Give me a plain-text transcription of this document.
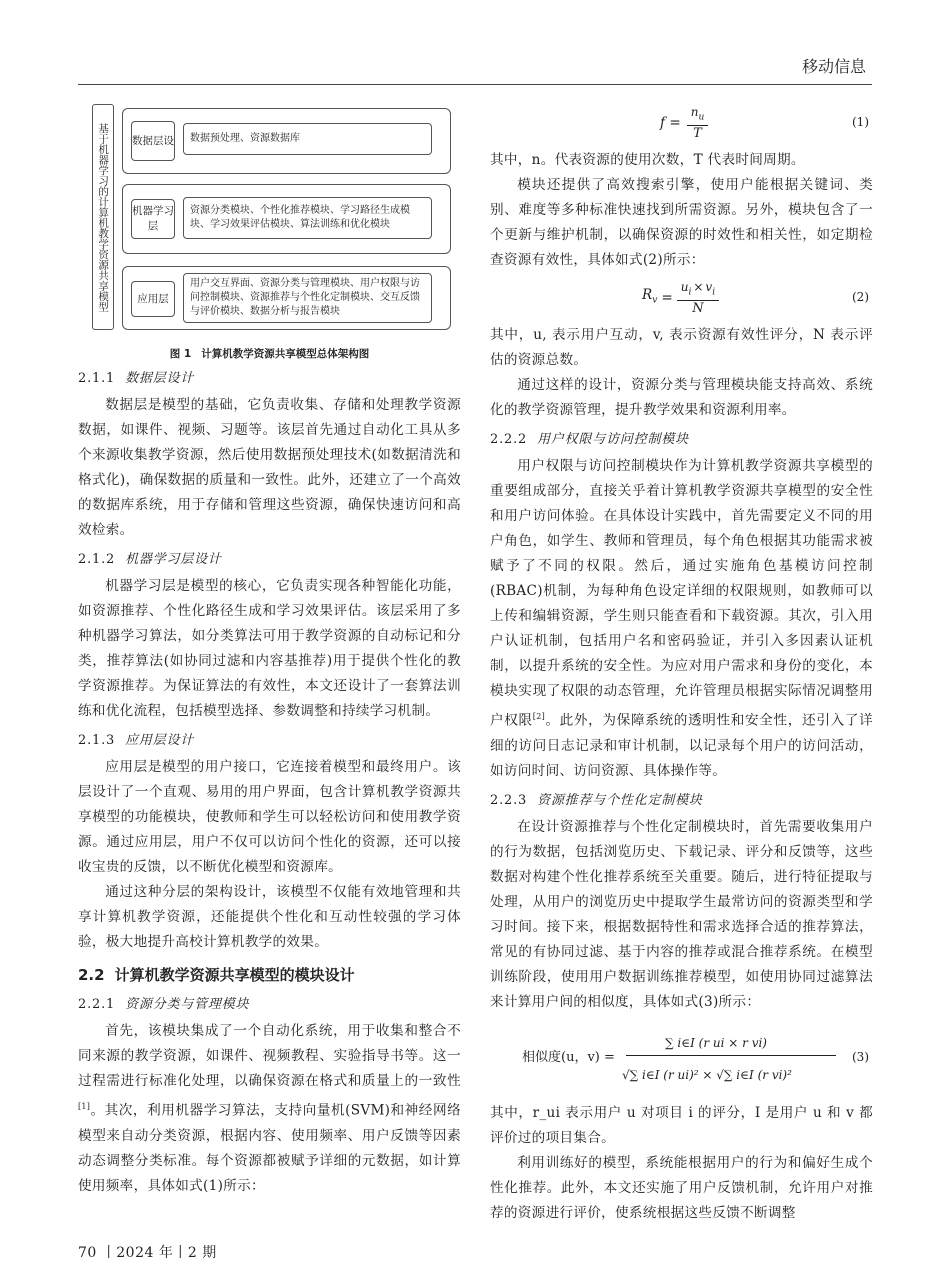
移动信息
基于机器学习的计算机教学资源共享模型	数据层设	数据预处理、资源数据库
机器学习层
资源分类模块、个性化推荐模块、学习路径生成模块、学习效果评估模块、算法训练和优化模块
应用层
用户交互界面、资源分类与管理模块、用户权限与访问控制模块、资源推荐与个性化定制模块、交互反馈与评价模块、数据分析与报告模块
图 1 计算机教学资源共享模型总体架构图
2.1.1 数据层设计

数据层是模型的基础，它负责收集、存储和处理教学资源数据，如课件、视频、习题等。该层首先通过自动化工具从多个来源收集教学资源，然后使用数据预处理技术(如数据清洗和格式化)，确保数据的质量和一致性。此外，还建立了一个高效的数据库系统，用于存储和管理这些资源，确保快速访问和高效检索。

2.1.2 机器学习层设计

机器学习层是模型的核心，它负责实现各种智能化功能，如资源推荐、个性化路径生成和学习效果评估。该层采用了多种机器学习算法，如分类算法可用于教学资源的自动标记和分类，推荐算法(如协同过滤和内容基推荐)用于提供个性化的教学资源推荐。为保证算法的有效性，本文还设计了一套算法训练和优化流程，包括模型选择、参数调整和持续学习机制。

2.1.3 应用层设计

应用层是模型的用户接口，它连接着模型和最终用户。该层设计了一个直观、易用的用户界面，包含计算机教学资源共享模型的功能模块，使教师和学生可以轻松访问和使用教学资源。通过应用层，用户不仅可以访问个性化的资源，还可以接收宝贵的反馈，以不断优化模型和资源库。

通过这种分层的架构设计，该模型不仅能有效地管理和共享计算机教学资源，还能提供个性化和互动性较强的学习体验，极大地提升高校计算机教学的效果。

2.2 计算机教学资源共享模型的模块设计
2.2.1 资源分类与管理模块

首先，该模块集成了一个自动化系统，用于收集和整合不同来源的教学资源，如课件、视频教程、实验指导书等。这一过程需进行标准化处理，以确保资源在格式和质量上的一致性[1]。其次，利用机器学习算法，支持向量机(SVM)和神经网络模型来自动分类资源，根据内容、使用频率、用户反馈等因素动态调整分类标准。每个资源都被赋予详细的元数据，如计算使用频率，具体如式(1)所示：

$f = \frac{n_u}{T}$	(1)

其中，n。代表资源的使用次数，T 代表时间周期。

模块还提供了高效搜索引擎，使用户能根据关键词、类别、难度等多种标准快速找到所需资源。另外，模块包含了一个更新与维护机制，以确保资源的时效性和相关性，如定期检查资源有效性，具体如式(2)所示：

$R_v = \frac{u_i \times v_i}{N}$	(2)

其中，u, 表示用户互动，v, 表示资源有效性评分，N 表示评估的资源总数。

通过这样的设计，资源分类与管理模块能支持高效、系统化的教学资源管理，提升教学效果和资源利用率。

2.2.2 用户权限与访问控制模块

用户权限与访问控制模块作为计算机教学资源共享模型的重要组成部分，直接关乎着计算机教学资源共享模型的安全性和用户访问体验。在具体设计实践中，首先需要定义不同的用户角色，如学生、教师和管理员，每个角色根据其功能需求被赋予了不同的权限。然后，通过实施角色基模访问控制(RBAC)机制，为每种角色设定详细的权限规则，如教师可以上传和编辑资源，学生则只能查看和下载资源。其次，引入用户认证机制，包括用户名和密码验证，并引入多因素认证机制，以提升系统的安全性。为应对用户需求和身份的变化，本模块实现了权限的动态管理，允许管理员根据实际情况调整用户权限[2]。此外，为保障系统的透明性和安全性，还引入了详细的访问日志记录和审计机制，以记录每个用户的访问活动，如访问时间、访问资源、具体操作等。

2.2.3 资源推荐与个性化定制模块

在设计资源推荐与个性化定制模块时，首先需要收集用户的行为数据，包括浏览历史、下载记录、评分和反馈等，这些数据对构建个性化推荐系统至关重要。随后，进行特征提取与处理，从用户的浏览历史中提取学生最常访问的资源类型和学习时间。接下来，根据数据特性和需求选择合适的推荐算法，常见的有协同过滤、基于内容的推荐或混合推荐系统。在模型训练阶段，使用用户数据训练推荐模型，如使用协同过滤算法来计算用户间的相似度，具体如式(3)所示：

相似度(u，v) =
∑ i∈I (r ui × r vi)
√∑ i∈I (r ui)² × √∑ i∈I (r vi)²
(3)

其中，r_ui 表示用户 u 对项目 i 的评分，I 是用户 u 和 v 都评价过的项目集合。

利用训练好的模型，系统能根据用户的行为和偏好生成个性化推荐。此外，本文还实施了用户反馈机制，允许用户对推荐的资源进行评价，使系统根据这些反馈不断调整

70 丨2024 年丨2 期
